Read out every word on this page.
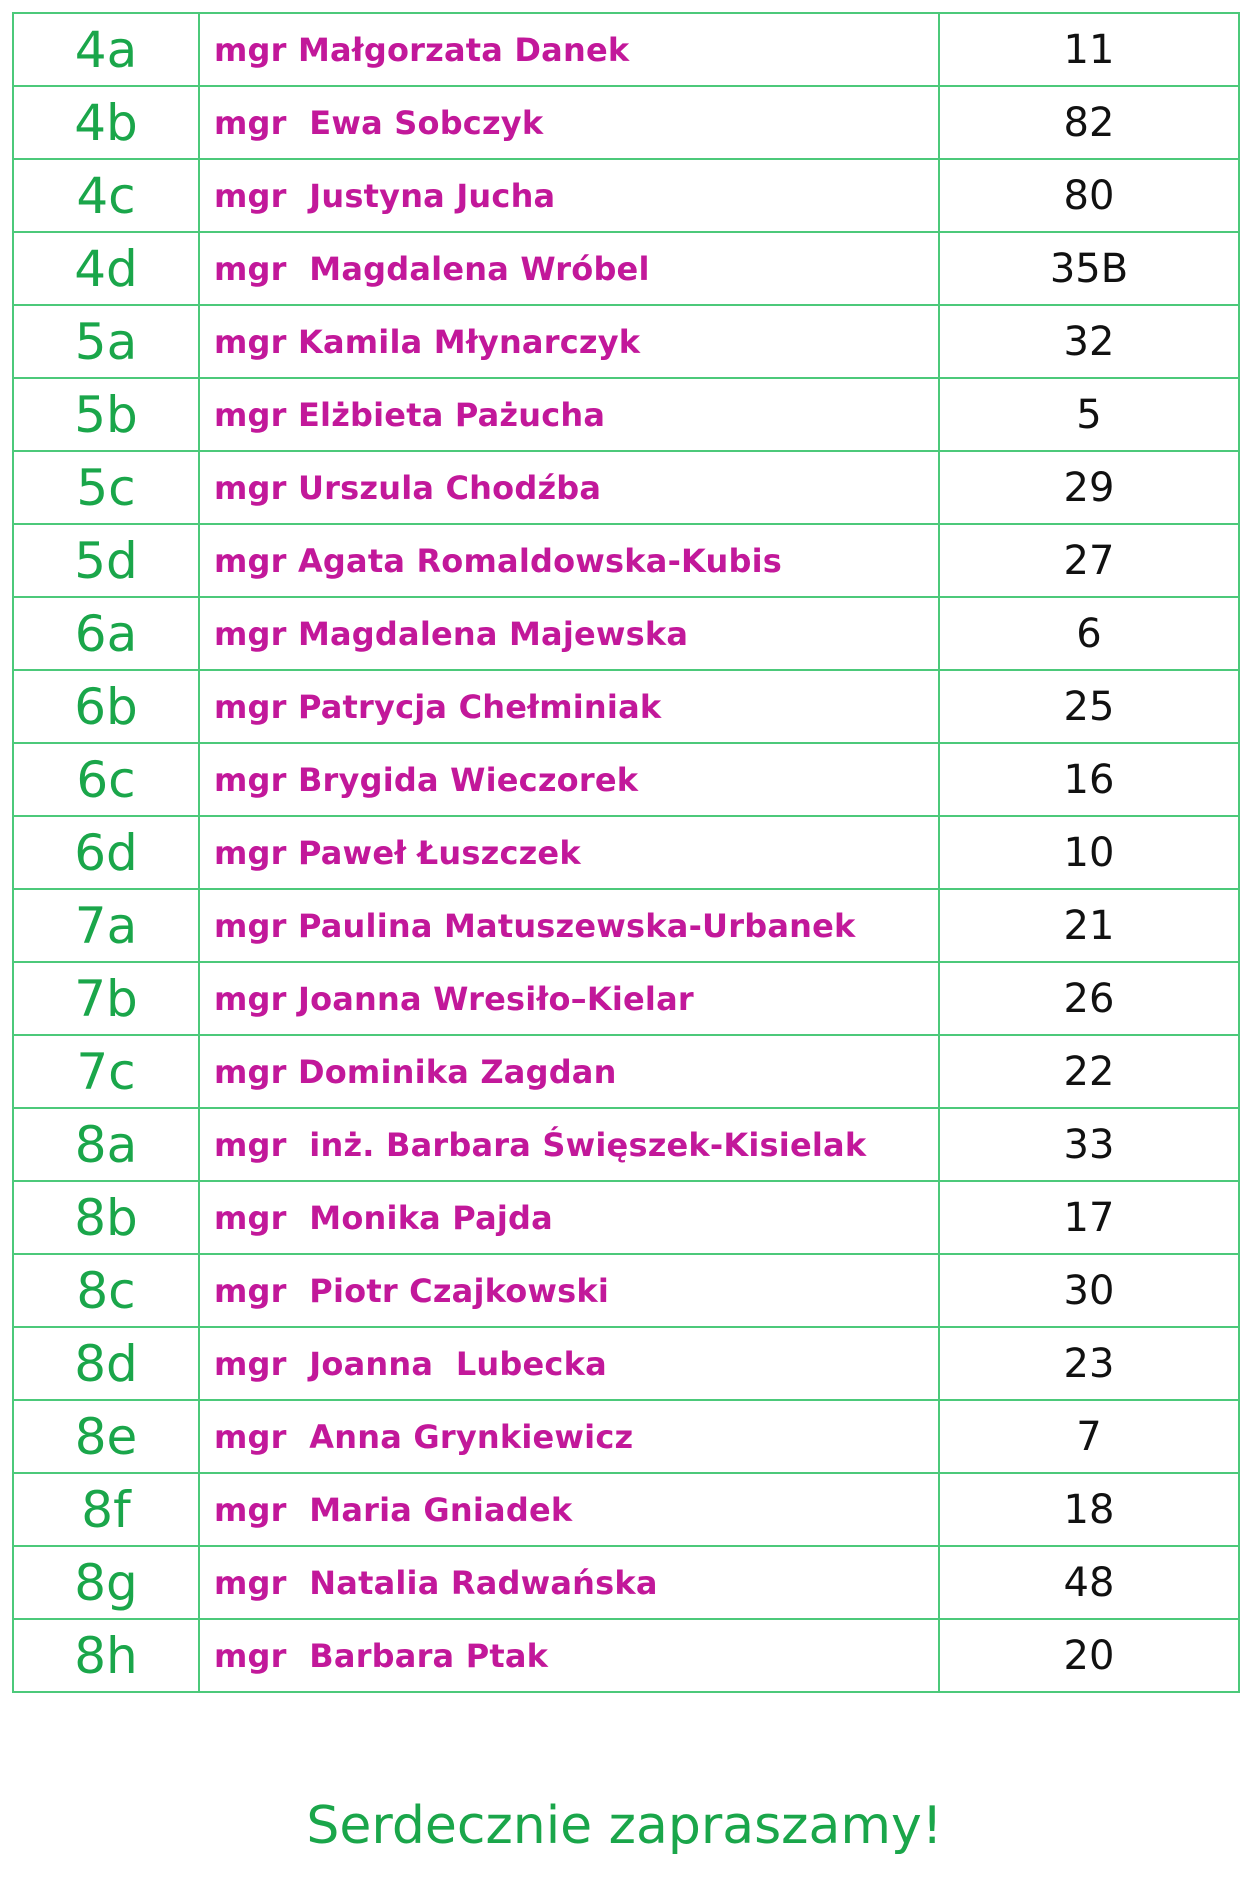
4a	mgr Małgorzata Danek	11
4b	mgr  Ewa Sobczyk	82
4c	mgr  Justyna Jucha	80
4d	mgr  Magdalena Wróbel	35B
5a	mgr Kamila Młynarczyk	32
5b	mgr Elżbieta Pażucha	5
5c	mgr Urszula Chodźba	29
5d	mgr Agata Romaldowska-Kubis	27
6a	mgr Magdalena Majewska	6
6b	mgr Patrycja Chełminiak	25
6c	mgr Brygida Wieczorek	16
6d	mgr Paweł Łuszczek	10
7a	mgr Paulina Matuszewska-Urbanek	21
7b	mgr Joanna Wresiło–Kielar	26
7c	mgr Dominika Zagdan	22
8a	mgr  inż. Barbara Święszek-Kisielak	33
8b	mgr  Monika Pajda	17
8c	mgr  Piotr Czajkowski	30
8d	mgr  Joanna  Lubecka	23
8e	mgr  Anna Grynkiewicz	7
8f	mgr  Maria Gniadek	18
8g	mgr  Natalia Radwańska	48
8h	mgr  Barbara Ptak	20
Serdecznie zapraszamy!
